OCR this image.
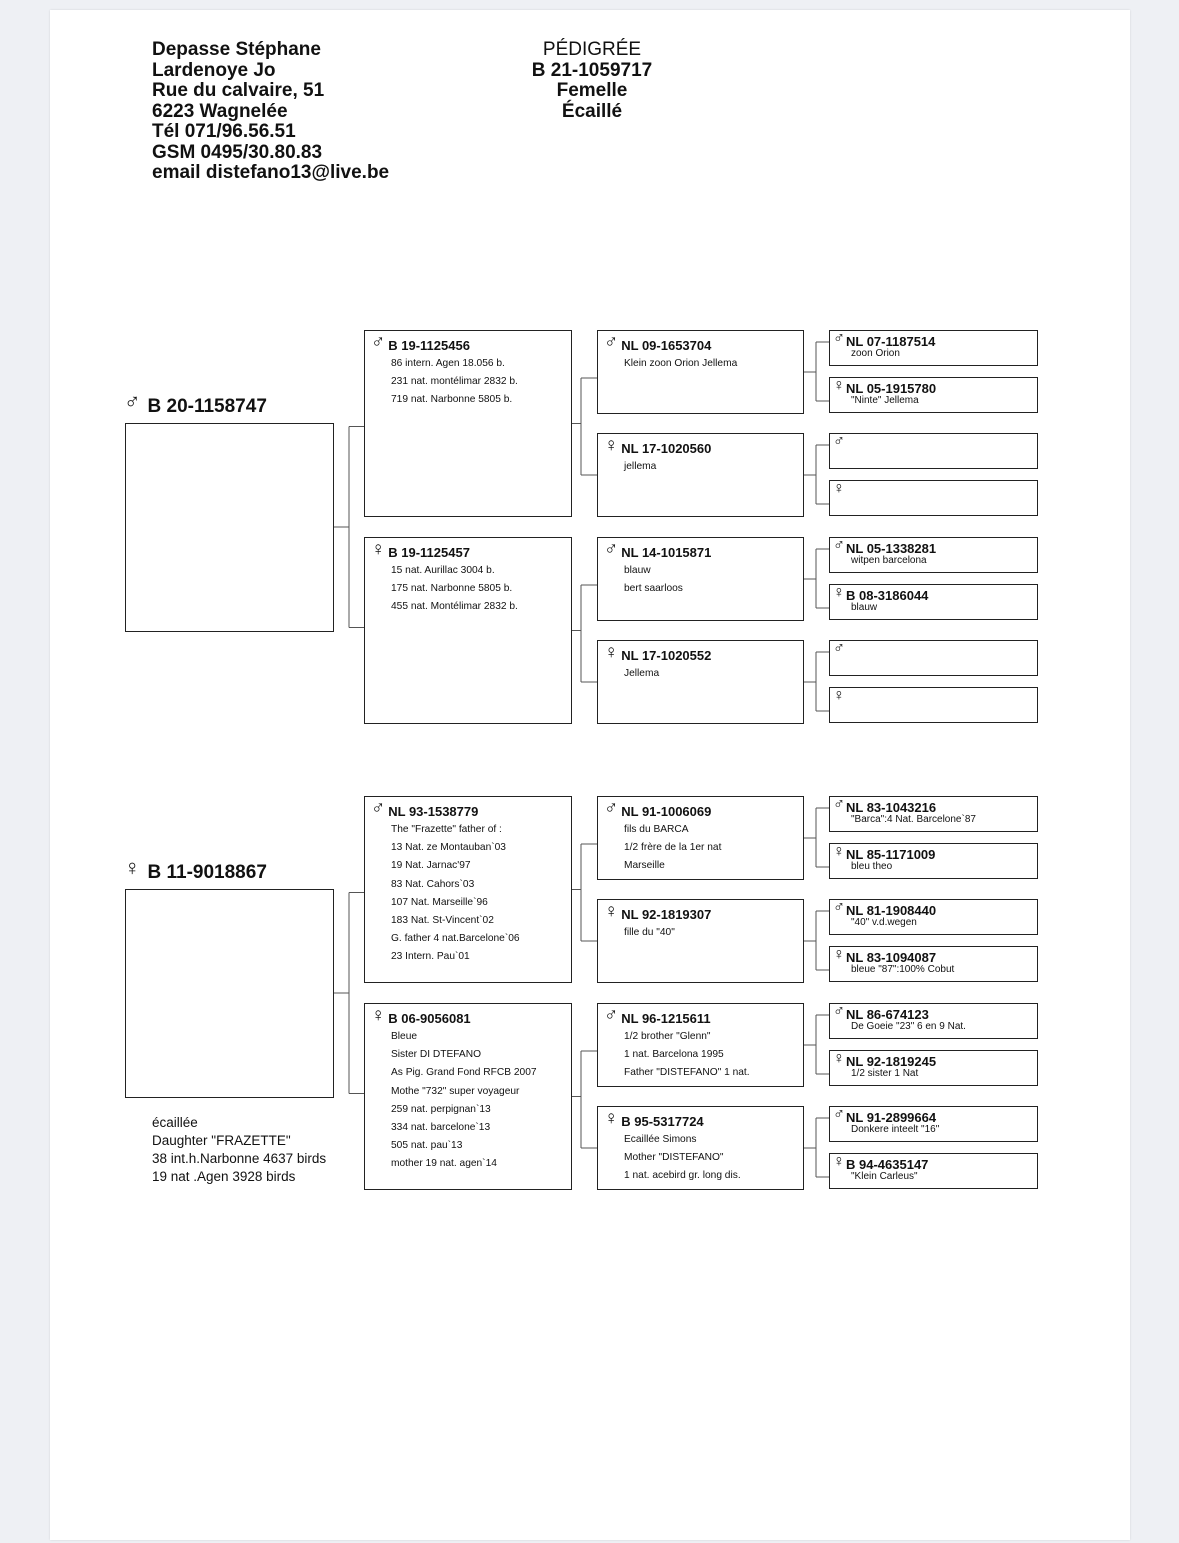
Depasse Stéphane
Lardenoye Jo
Rue du calvaire, 51
6223 Wagnelée
Tél 071/96.56.51
GSM 0495/30.80.83
email distefano13@live.be
PÉDIGRÉE
B 21-1059717
Femelle
Écaillé
♂ B 20-1158747
♂ B 19-1125456
86 intern. Agen 18.056 b.
231 nat. montélimar 2832 b.
719 nat. Narbonne 5805 b.
♂ NL 09-1653704
Klein zoon Orion Jellema
♂NL 07-1187514
zoon Orion
♀NL 05-1915780
"Ninte" Jellema
♀ NL 17-1020560
jellema
♂
♀
♀ B 19-1125457
15 nat. Aurillac 3004 b.
175 nat. Narbonne 5805 b.
455 nat. Montélimar 2832 b.
♂ NL 14-1015871
blauw
bert saarloos
♂NL 05-1338281
witpen barcelona
♀B 08-3186044
blauw
♀ NL 17-1020552
Jellema
♂
♀
♀ B 11-9018867
♂ NL 93-1538779
The "Frazette" father of :
13 Nat. ze Montauban`03
19 Nat. Jarnac'97
83 Nat. Cahors`03
107 Nat. Marseille`96
183 Nat. St-Vincent`02
G. father 4 nat.Barcelone`06
23 Intern. Pau`01
♂ NL 91-1006069
fils du BARCA
1/2 frère de la 1er nat
Marseille
♂NL 83-1043216
"Barca":4 Nat. Barcelone`87
♀NL 85-1171009
bleu theo
♀ NL 92-1819307
fille du "40"
♂NL 81-1908440
"40" v.d.wegen
♀NL 83-1094087
bleue "87":100% Cobut
♀ B 06-9056081
Bleue
Sister DI DTEFANO
As Pig. Grand Fond RFCB 2007
Mothe "732" super voyageur
259 nat. perpignan`13
334 nat. barcelone`13
505 nat. pau`13
mother 19 nat. agen`14
♂ NL 96-1215611
1/2 brother "Glenn"
1 nat. Barcelona 1995
Father "DISTEFANO" 1 nat.
♂NL 86-674123
De Goeie "23" 6 en 9 Nat.
♀NL 92-1819245
1/2 sister 1 Nat
♀ B 95-5317724
Ecaillée Simons
Mother "DISTEFANO"
1 nat. acebird gr. long dis.
♂NL 91-2899664
Donkere inteelt "16"
♀B 94-4635147
"Klein Carleus"
écaillée
Daughter "FRAZETTE"
38 int.h.Narbonne 4637 birds
19 nat .Agen 3928 birds
